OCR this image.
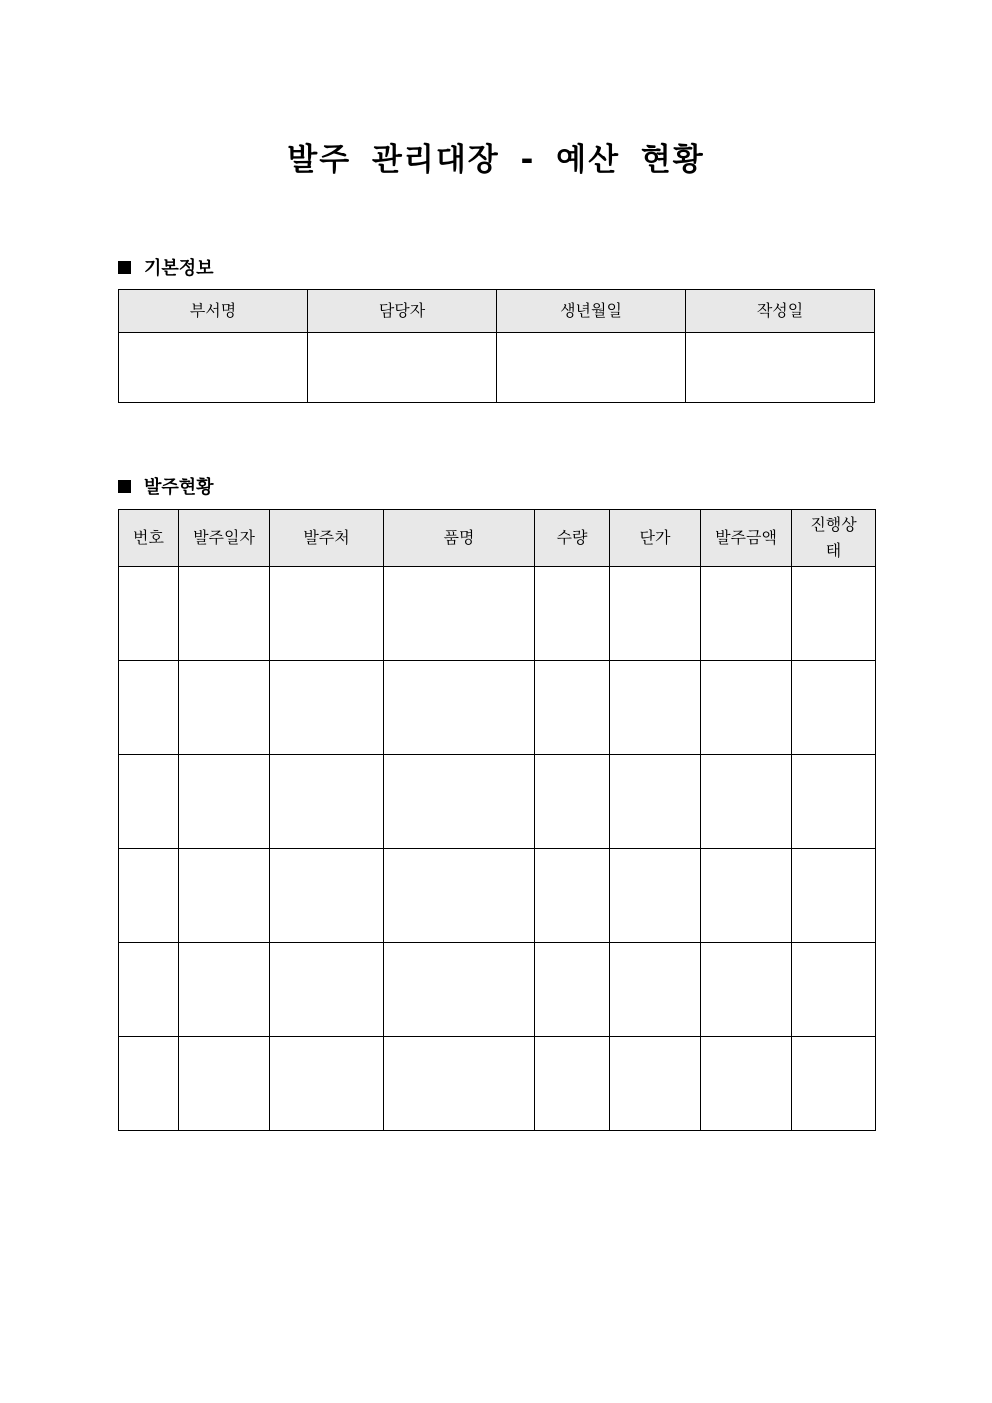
발주 관리대장 - 예산 현황
기본정보
부서명	담당자	생년월일	작성일

발주현황
번호	발주일자	발주처	품명	수량	단가	발주금액	진행상
태
